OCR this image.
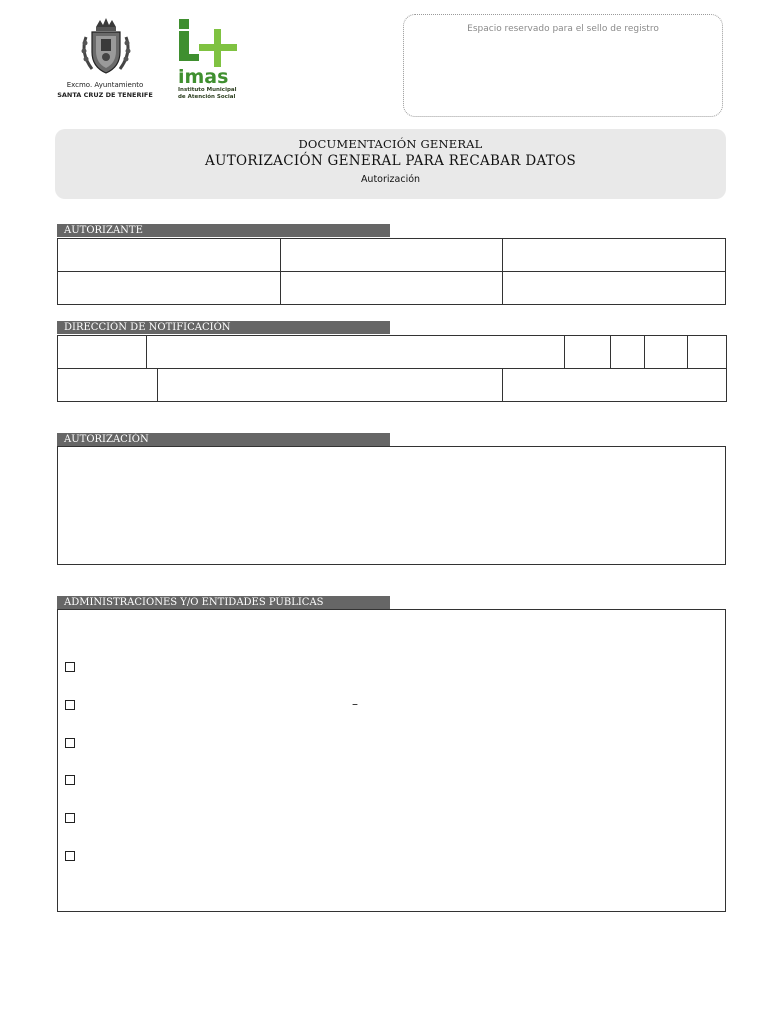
Excmo. Ayuntamiento
SANTA CRUZ DE TENERIFE
imas
Instituto Municipal
de Atención Social
Espacio reservado para el sello de registro
DOCUMENTACIÓN GENERAL
AUTORIZACIÓN GENERAL PARA RECABAR DATOS
Autorización
AUTORIZANTE
DIRECCIÓN DE NOTIFICACIÓN
AUTORIZACIÓN
ADMINISTRACIONES Y/O ENTIDADES PÚBLICAS
–
